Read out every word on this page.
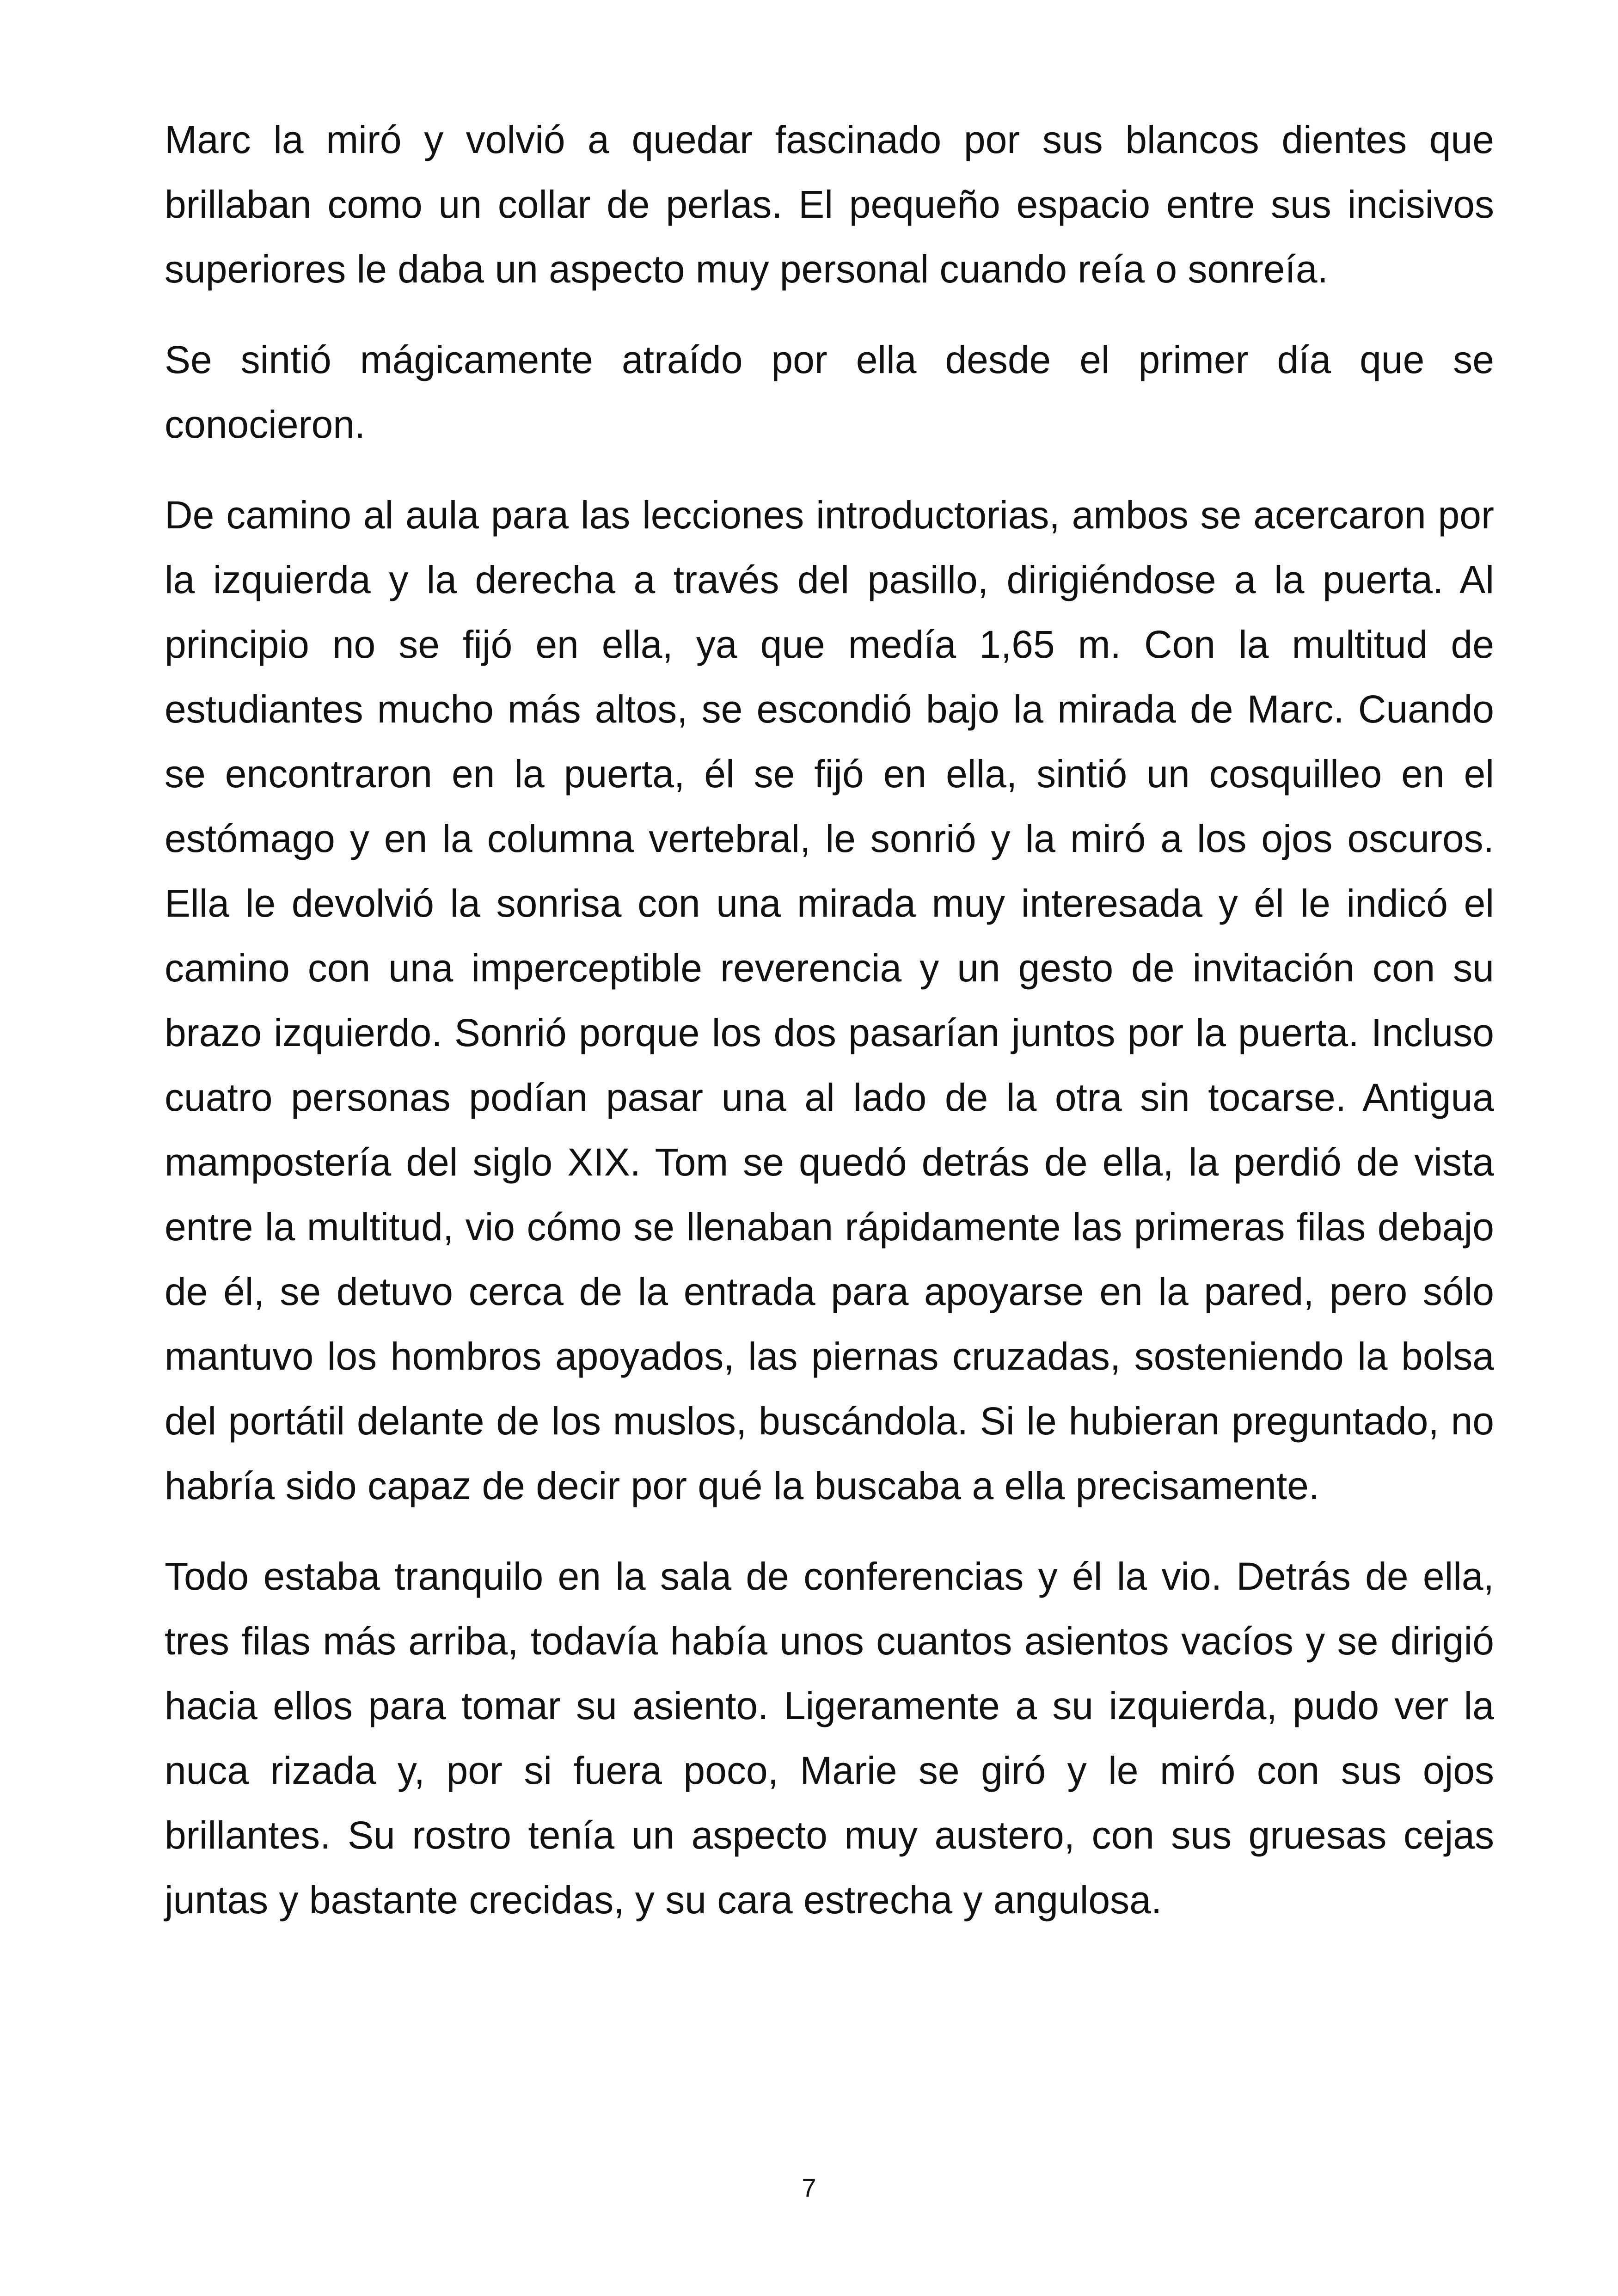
Marc la miró y volvió a quedar fascinado por sus blancos dientes que brillaban como un collar de perlas. El pequeño espacio entre sus incisivos superiores le daba un aspecto muy personal cuando reía o sonreía.

Se sintió mágicamente atraído por ella desde el primer día que se conocieron.

De camino al aula para las lecciones introductorias, ambos se acercaron por la izquierda y la derecha a través del pasillo, dirigiéndose a la puerta. Al principio no se fijó en ella, ya que medía 1,65 m. Con la multitud de estudiantes mucho más altos, se escondió bajo la mirada de Marc. Cuando se encontraron en la puerta, él se fijó en ella, sintió un cosquilleo en el estómago y en la columna vertebral, le sonrió y la miró a los ojos oscuros. Ella le devolvió la sonrisa con una mirada muy interesada y él le indicó el camino con una imperceptible reverencia y un gesto de invitación con su brazo izquierdo. Sonrió porque los dos pasarían juntos por la puerta. Incluso cuatro personas podían pasar una al lado de la otra sin tocarse. Antigua mampostería del siglo XIX. Tom se quedó detrás de ella, la perdió de vista entre la multitud, vio cómo se llenaban rápidamente las primeras filas debajo de él, se detuvo cerca de la entrada para apoyarse en la pared, pero sólo mantuvo los hombros apoyados, las piernas cruzadas, sosteniendo la bolsa del portátil delante de los muslos, buscándola. Si le hubieran preguntado, no habría sido capaz de decir por qué la buscaba a ella precisamente.

Todo estaba tranquilo en la sala de conferencias y él la vio. Detrás de ella, tres filas más arriba, todavía había unos cuantos asientos vacíos y se dirigió hacia ellos para tomar su asiento. Ligeramente a su izquierda, pudo ver la nuca rizada y, por si fuera poco, Marie se giró y le miró con sus ojos brillantes. Su rostro tenía un aspecto muy austero, con sus gruesas cejas juntas y bastante crecidas, y su cara estrecha y angulosa.

7
